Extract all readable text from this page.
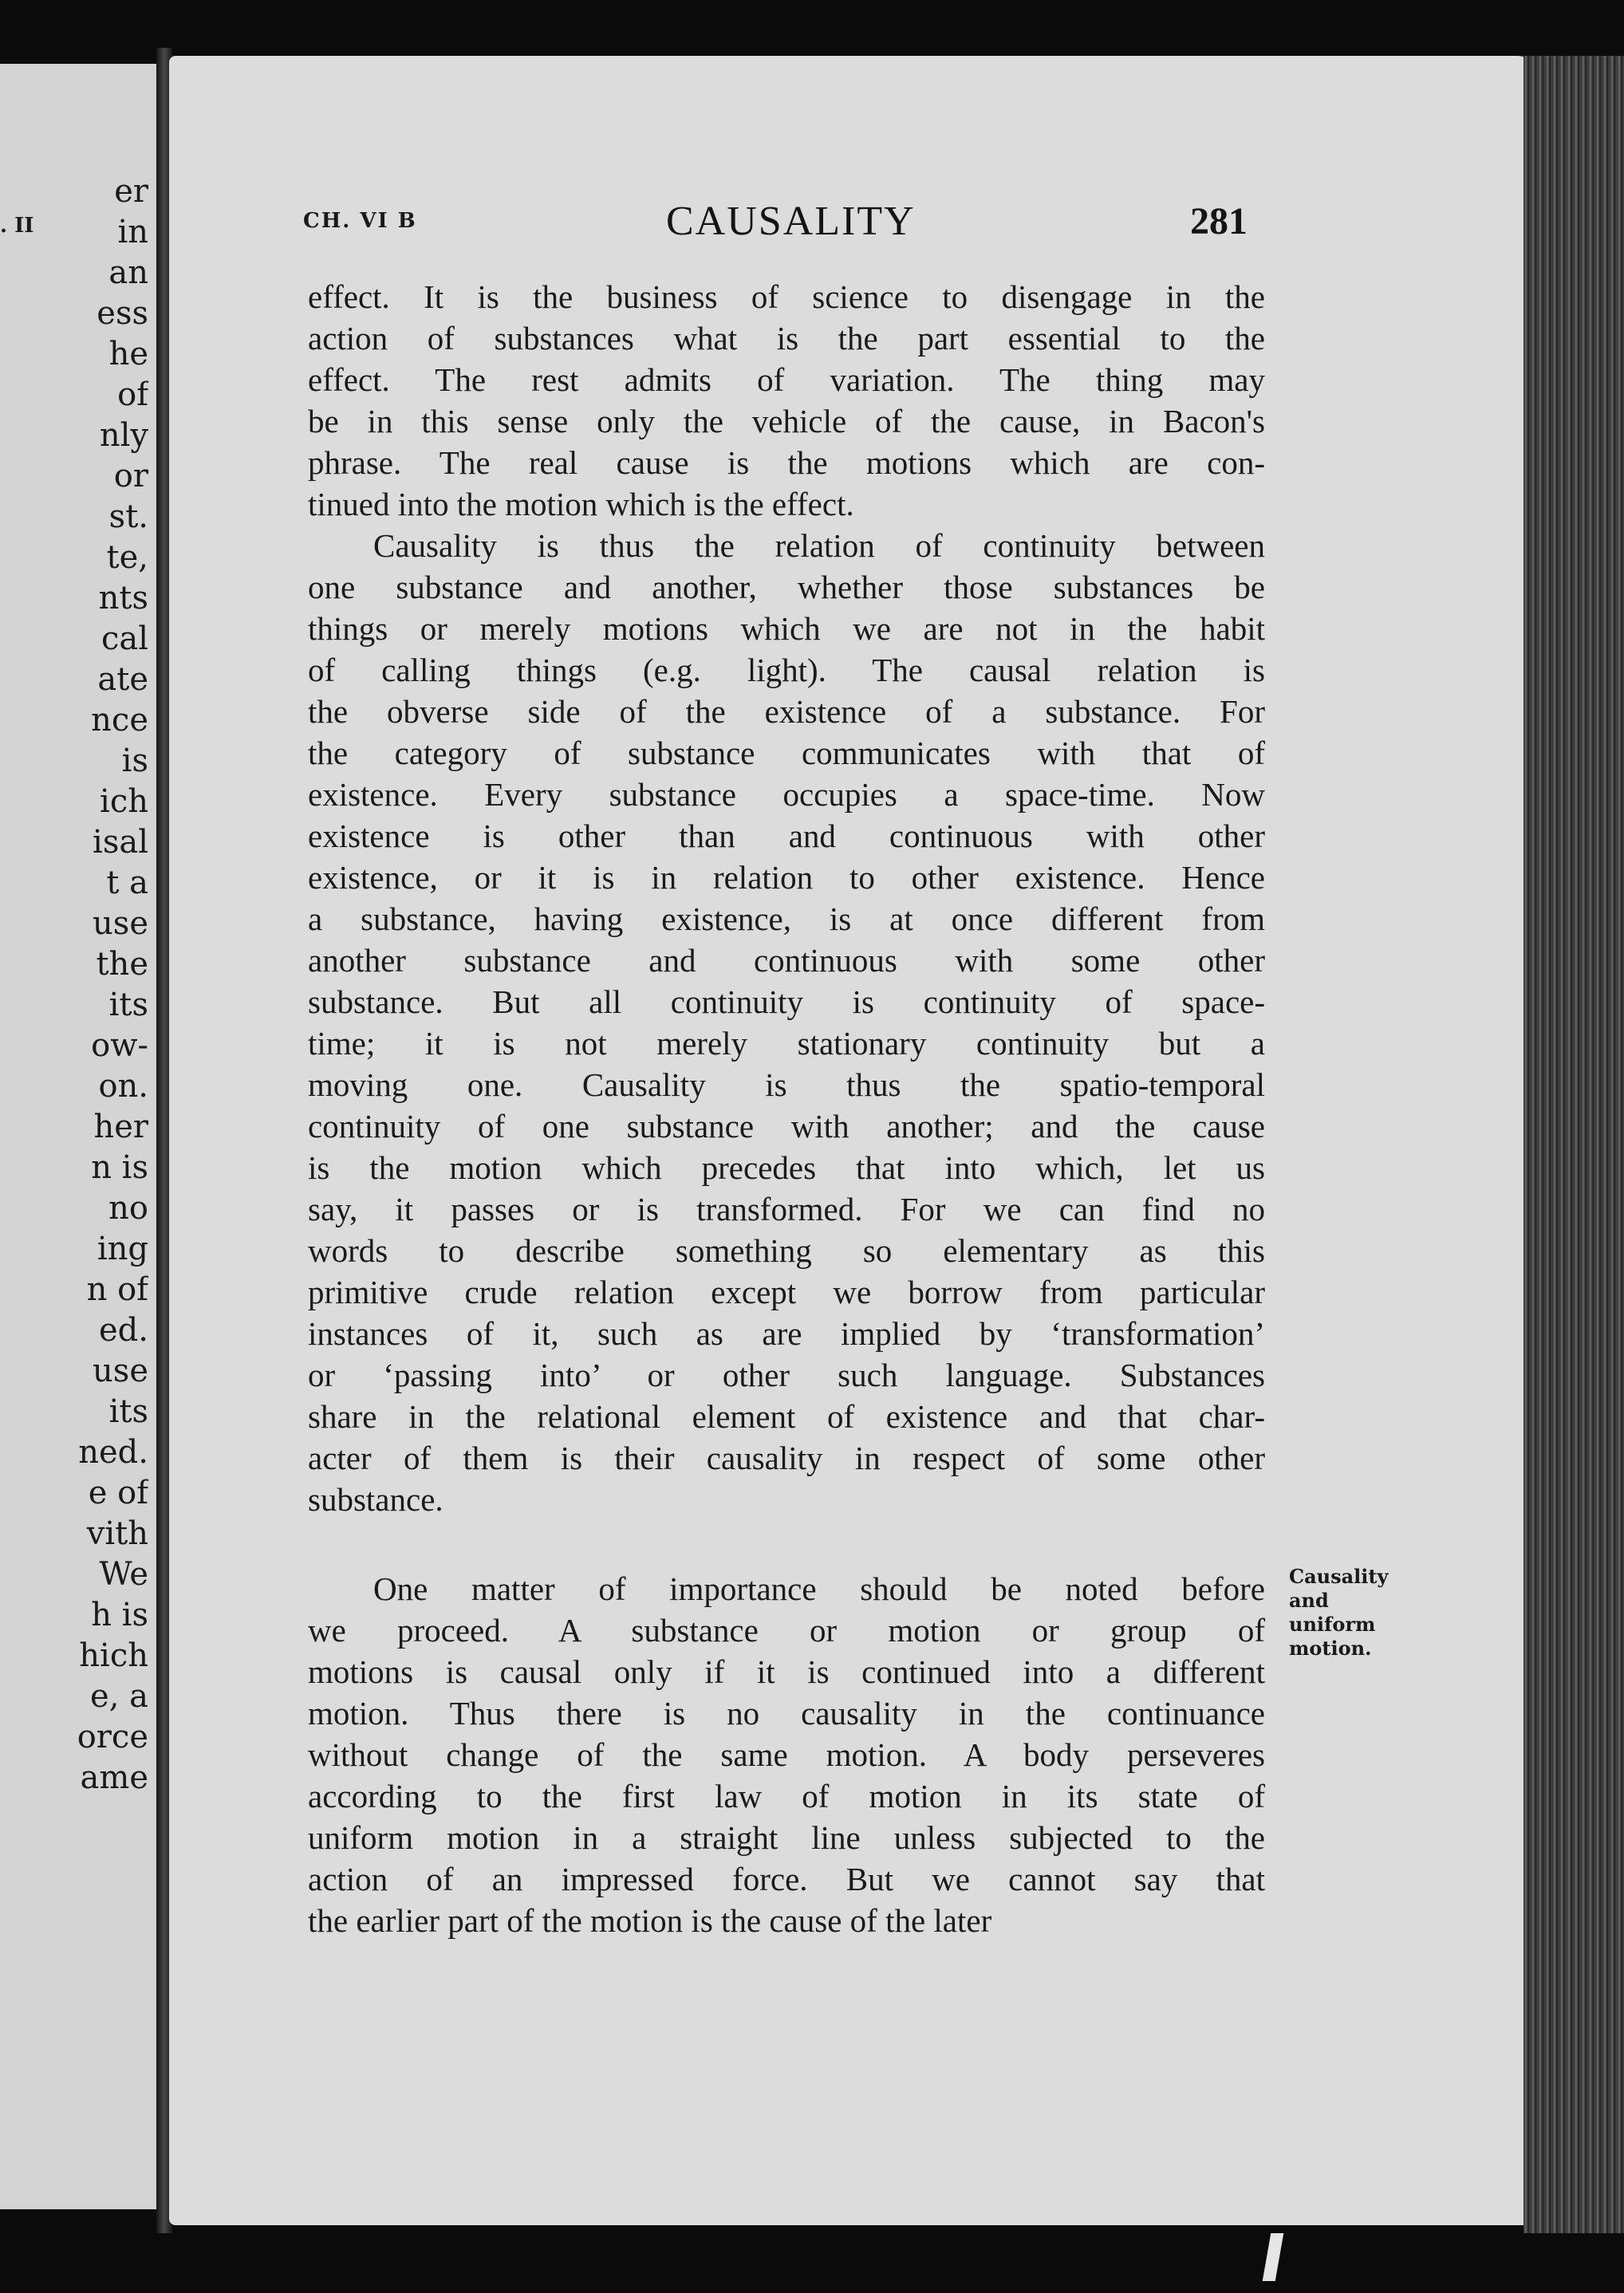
. II
er
in
an
ess
he
of
nly
or
st.
te,
nts
cal
ate
nce
is
ich
isal
t a
use
the
its
ow-
on.
her
n is
no
ing
n of
ed.
use
its
ned.
e of
vith
We
h is
hich
e, a
orce
ame
CH. VI B	CAUSALITY	281
effect. It is the business of science to disengage in the
action of substances what is the part essential to the
effect. The rest admits of variation. The thing may
be in this sense only the vehicle of the cause, in Bacon's
phrase. The real cause is the motions which are con-
tinued into the motion which is the effect.
Causality is thus the relation of continuity between
one substance and another, whether those substances be
things or merely motions which we are not in the habit
of calling things (e.g. light). The causal relation is
the obverse side of the existence of a substance. For
the category of substance communicates with that of
existence. Every substance occupies a space-time. Now
existence is other than and continuous with other
existence, or it is in relation to other existence. Hence
a substance, having existence, is at once different from
another substance and continuous with some other
substance. But all continuity is continuity of space-
time; it is not merely stationary continuity but a
moving one. Causality is thus the spatio-temporal
continuity of one substance with another; and the cause
is the motion which precedes that into which, let us
say, it passes or is transformed. For we can find no
words to describe something so elementary as this
primitive crude relation except we borrow from particular
instances of it, such as are implied by ‘transformation’
or ‘passing into’ or other such language. Substances
share in the relational element of existence and that char-
acter of them is their causality in respect of some other
substance.
One matter of importance should be noted before
we proceed. A substance or motion or group of
motions is causal only if it is continued into a different
motion. Thus there is no causality in the continuance
without change of the same motion. A body perseveres
according to the first law of motion in its state of
uniform motion in a straight line unless subjected to the
action of an impressed force. But we cannot say that
the earlier part of the motion is the cause of the later
Causality
and
uniform
motion.
